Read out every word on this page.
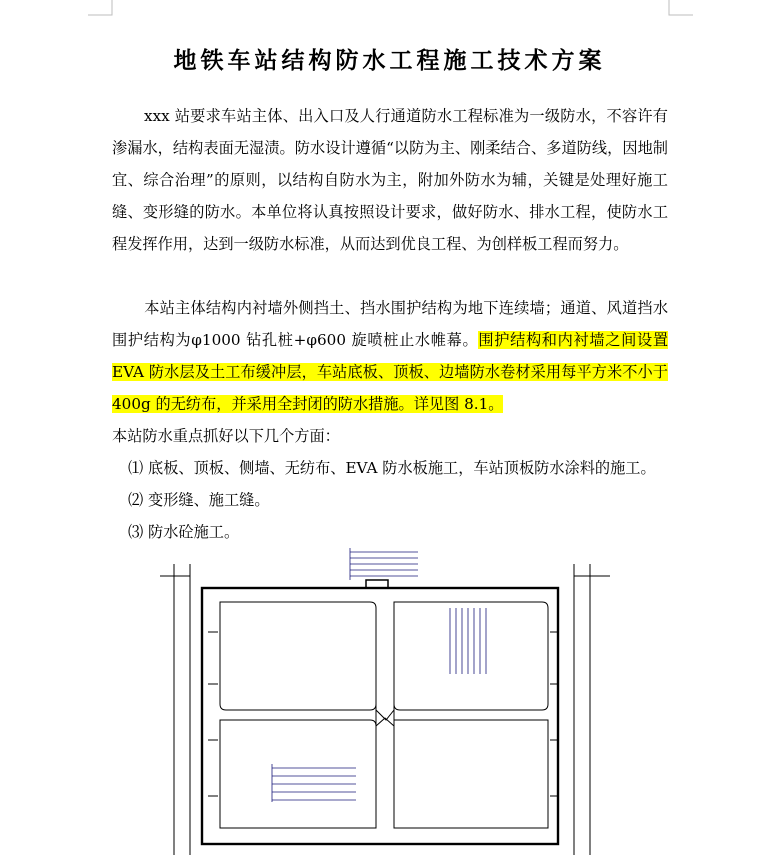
地铁车站结构防水工程施工技术方案
xxx 站要求车站主体、出入口及人行通道防水工程标准为一级防水，不容许有渗漏水，结构表面无湿渍。防水设计遵循“以防为主、刚柔结合、多道防线，因地制宜、综合治理”的原则，以结构自防水为主，附加外防水为辅，关键是处理好施工缝、变形缝的防水。本单位将认真按照设计要求，做好防水、排水工程，使防水工程发挥作用，达到一级防水标准，从而达到优良工程、为创样板工程而努力。
本站主体结构内衬墙外侧挡土、挡水围护结构为地下连续墙；通道、风道挡水围护结构为φ1000 钻孔桩+φ600 旋喷桩止水帷幕。围护结构和内衬墙之间设置 EVA 防水层及土工布缓冲层，车站底板、顶板、边墙防水卷材采用每平方米不小于 400g 的无纺布，并采用全封闭的防水措施。详见图 8.1。
本站防水重点抓好以下几个方面：
⑴ 底板、顶板、侧墙、无纺布、EVA 防水板施工，车站顶板防水涂料的施工。
⑵ 变形缝、施工缝。
⑶ 防水砼施工。
